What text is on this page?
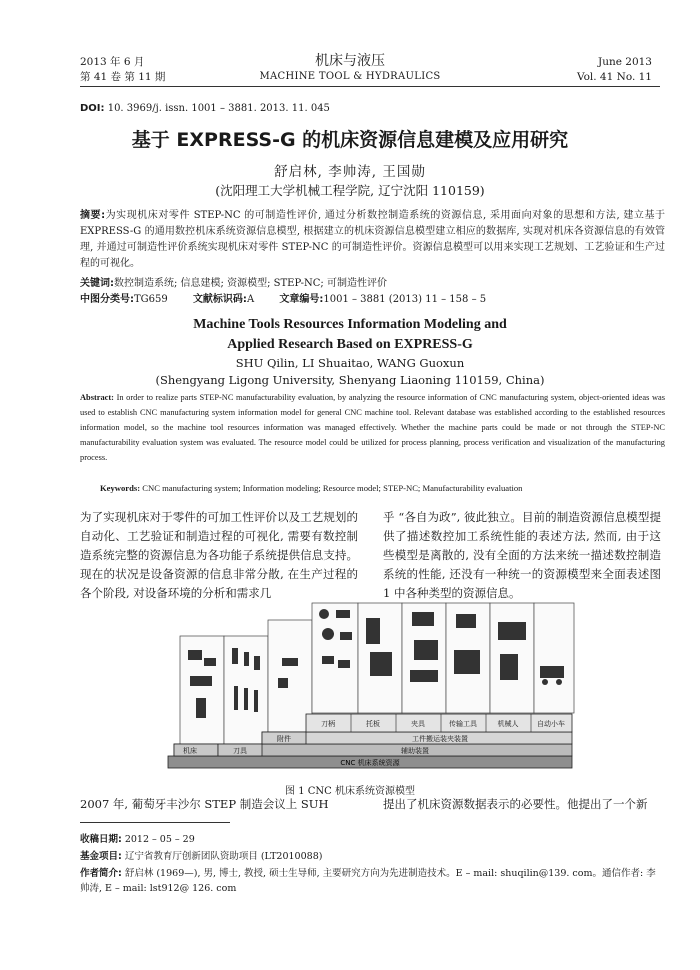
2013 年 6 月
第 41 卷 第 11 期
机床与液压
MACHINE TOOL & HYDRAULICS
June 2013
Vol. 41 No. 11
DOI: 10. 3969/j. issn. 1001 – 3881. 2013. 11. 045
基于 EXPRESS-G 的机床资源信息建模及应用研究
舒启林, 李帅涛, 王国勋
(沈阳理工大学机械工程学院, 辽宁沈阳 110159)
摘要:为实现机床对零件 STEP-NC 的可制造性评价, 通过分析数控制造系统的资源信息, 采用面向对象的思想和方法, 建立基于 EXPRESS-G 的通用数控机床系统资源信息模型, 根据建立的机床资源信息模型建立相应的数据库, 实现对机床各资源信息的有效管理, 并通过可制造性评价系统实现机床对零件 STEP-NC 的可制造性评价。资源信息模型可以用来实现工艺规划、工艺验证和生产过程的可视化。
关键词:数控制造系统; 信息建模; 资源模型; STEP-NC; 可制造性评价
中图分类号:TG659	文献标识码:A	文章编号:1001 – 3881 (2013) 11 – 158 – 5
Machine Tools Resources Information Modeling and
Applied Research Based on EXPRESS-G
SHU Qilin, LI Shuaitao, WANG Guoxun
(Shengyang Ligong University, Shenyang Liaoning 110159, China)
Abstract: In order to realize parts STEP-NC manufacturability evaluation, by analyzing the resource information of CNC manufacturing system, object-oriented ideas was used to establish CNC manufacturing system information model for general CNC machine tool. Relevant database was established according to the established resources information model, so the machine tool resources information was managed effectively. Whether the machine parts could be made or not through the STEP-NC manufacturability evaluation system was evaluated. The resource model could be utilized for process planning, process verification and visualization of the manufacturing process.
Keywords: CNC manufacturing system; Information modeling; Resource model; STEP-NC; Manufacturability evaluation
为了实现机床对于零件的可加工性评价以及工艺规划的自动化、工艺验证和制造过程的可视化, 需要有数控制造系统完整的资源信息为各功能子系统提供信息支持。现在的状况是设备资源的信息非常分散, 在生产过程的各个阶段, 对设备环境的分析和需求几
乎 “各自为政”, 彼此独立。目前的制造资源信息模型提供了描述数控加工系统性能的表述方法, 然而, 由于这些模型是离散的, 没有全面的方法来统一描述数控制造系统的性能, 还没有一种统一的资源模型来全面表述图1 中各种类型的资源信息。
CNC 机床系统资源
机床	刀具	辅助装置
附件	工件搬运装夹装置
刀柄	托板	夹具	传输工具	机械人	自动小车
图 1 CNC 机床系统资源模型
2007 年, 葡萄牙丰沙尔 STEP 制造会议上 SUH	提出了机床资源数据表示的必要性。他提出了一个新
收稿日期: 2012 – 05 – 29
基金项目: 辽宁省教育厅创新团队资助项目 (LT2010088)
作者简介: 舒启林 (1969—), 男, 博士, 教授, 硕士生导师, 主要研究方向为先进制造技术。E – mail: shuqilin@139. com。通信作者: 李帅涛, E – mail: lst912@ 126. com
